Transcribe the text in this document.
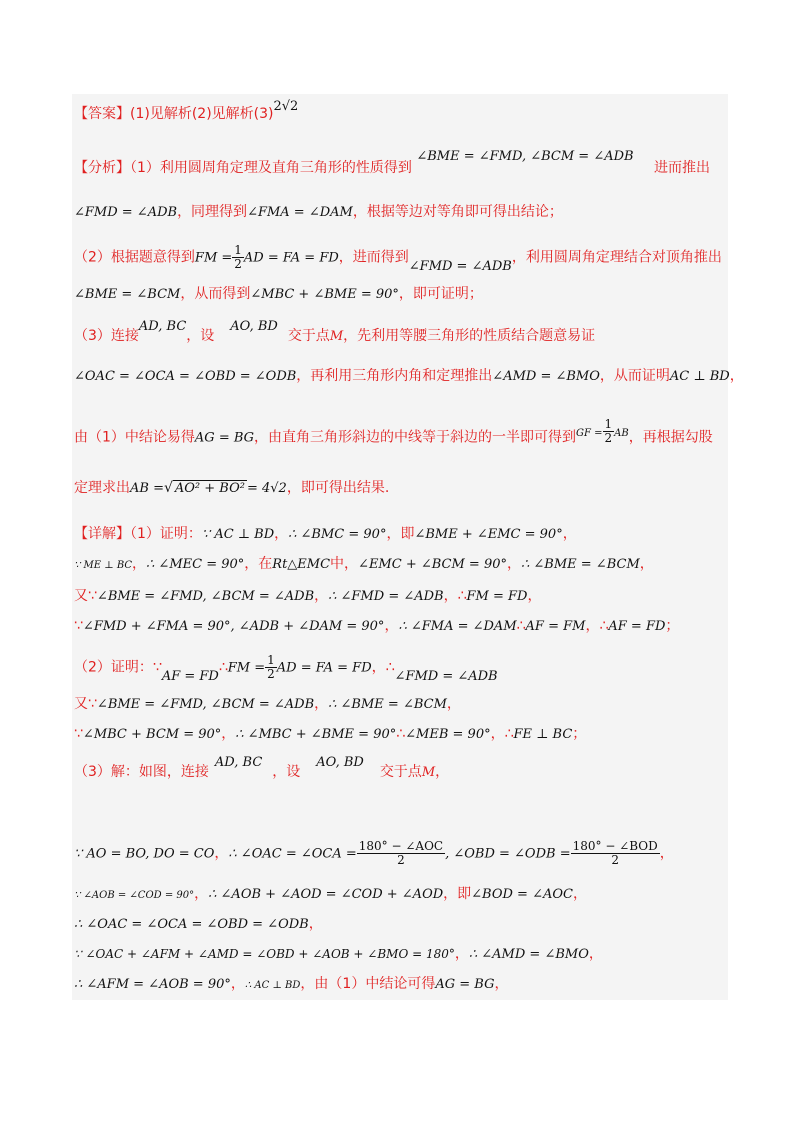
【答案】(1)见解析(2)见解析(3)2√2
【分析】（1）利用圆周角定理及直角三角形的性质得到 ∠BME = ∠FMD, ∠BCM = ∠ADB 进而推出
∠FMD = ∠ADB，同理得到∠FMA = ∠DAM，根据等边对等角即可得出结论；
（2）根据题意得到FM = $\frac{1}{2}$ AD = FA = FD，进而得到∠FMD = ∠ADB，利用圆周角定理结合对顶角推出
∠BME = ∠BCM，从而得到∠MBC + ∠BME = 90°，即可证明；
（3）连接AD, BC，设AO, BD交于点M，先利用等腰三角形的性质结合题意易证
∠OAC = ∠OCA = ∠OBD = ∠ODB，再利用三角形内角和定理推出∠AMD = ∠BMO，从而证明AC ⊥ BD，
由（1）中结论易得AG = BG，由直角三角形斜边的中线等于斜边的一半即可得到$^{GF =} \frac{1}{2} ^{AB}$，再根据勾股
定理求出AB =√ AO² + BO² = 4√2，即可得出结果.
【详解】（1）证明：∵ AC ⊥ BD，∴ ∠BMC = 90°，即∠BME + ∠EMC = 90°，
∵ ME ⊥ BC，∴ ∠MEC = 90°，在Rt△EMC中，∠EMC + ∠BCM = 90°，∴ ∠BME = ∠BCM，
又∵∠BME = ∠FMD, ∠BCM = ∠ADB，∴ ∠FMD = ∠ADB，∴FM = FD，
∵∠FMD + ∠FMA = 90°, ∠ADB + ∠DAM = 90°，∴ ∠FMA = ∠DAM∴AF = FM，∴AF = FD；
（2）证明：∵AF = FD∴FM = $\frac{1}{2}$ AD = FA = FD，∴∠FMD = ∠ADB
又∵∠BME = ∠FMD, ∠BCM = ∠ADB，∴ ∠BME = ∠BCM，
∵∠MBC + BCM = 90°，∴ ∠MBC + ∠BME = 90°∴∠MEB = 90°，∴FE ⊥ BC；
（3）解：如图，连接AD, BC，设AO, BD交于点M，
∵ AO = BO, DO = CO，∴ ∠OAC = ∠OCA =
180° − ∠AOC
2	, ∠OBD = ∠ODB =
180° − ∠BOD
2	，
∵ ∠AOB = ∠COD = 90°，∴ ∠AOB + ∠AOD = ∠COD + ∠AOD，即∠BOD = ∠AOC，
∴ ∠OAC = ∠OCA = ∠OBD = ∠ODB，
∵ ∠OAC + ∠AFM + ∠AMD = ∠OBD + ∠AOB + ∠BMO = 180°，∴ ∠AMD = ∠BMO，
∴ ∠AFM = ∠AOB = 90°，∴ AC ⊥ BD，由（1）中结论可得AG = BG，
